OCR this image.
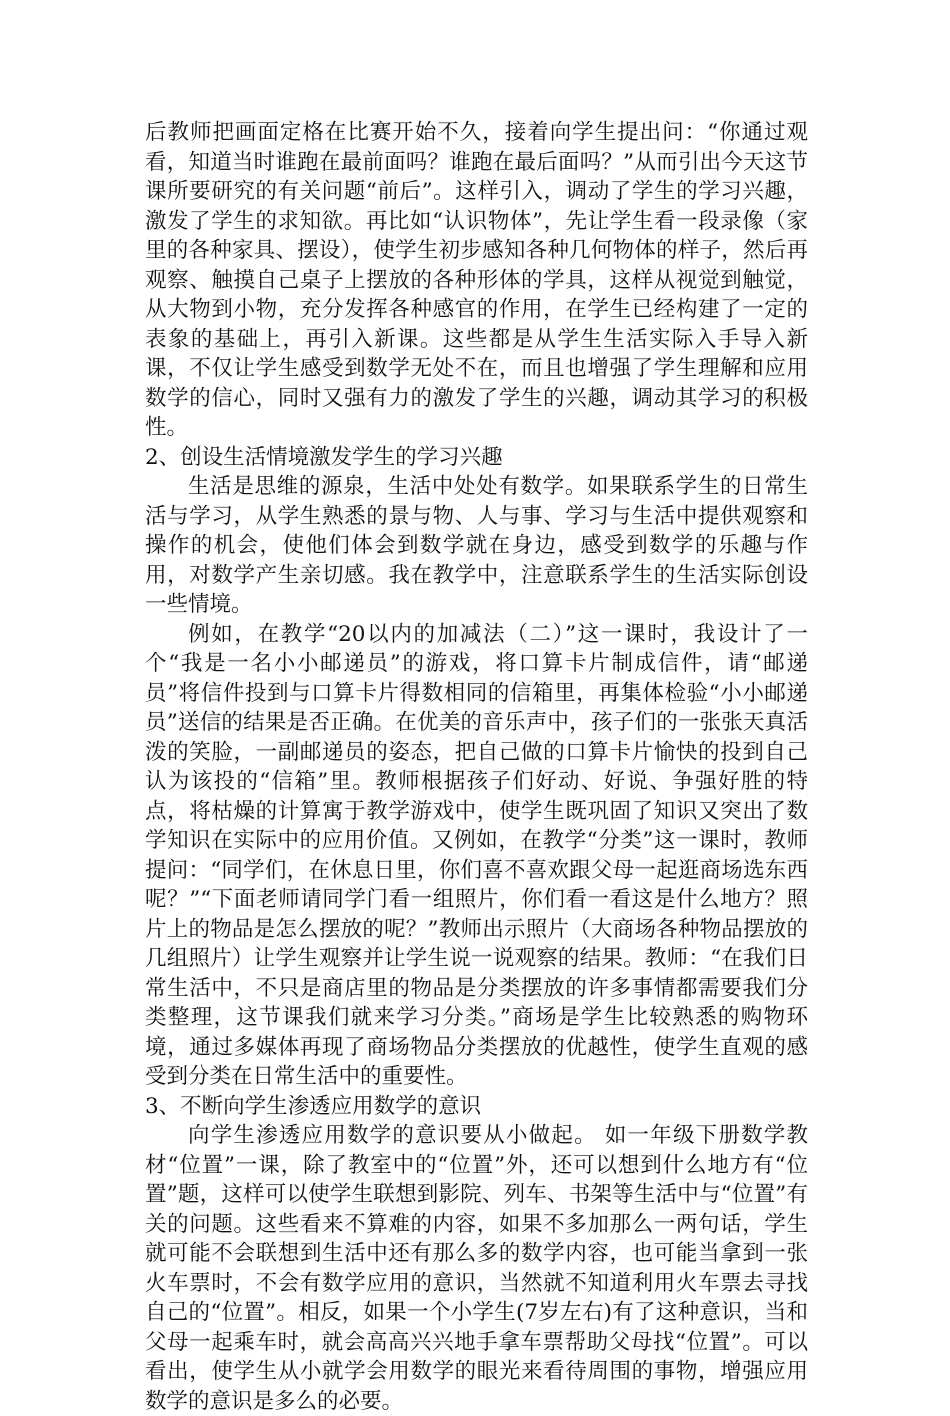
后教师把画面定格在比赛开始不久，接着向学生提出问：“你通过观看，知道当时谁跑在最前面吗？谁跑在最后面吗？”从而引出今天这节课所要研究的有关问题“前后”。这样引入，调动了学生的学习兴趣，激发了学生的求知欲。再比如“认识物体”，先让学生看一段录像（家里的各种家具、摆设），使学生初步感知各种几何物体的样子，然后再观察、触摸自己桌子上摆放的各种形体的学具，这样从视觉到触觉，从大物到小物，充分发挥各种感官的作用，在学生已经构建了一定的表象的基础上，再引入新课。这些都是从学生生活实际入手导入新课，不仅让学生感受到数学无处不在，而且也增强了学生理解和应用数学的信心，同时又强有力的激发了学生的兴趣，调动其学习的积极性。

2、创设生活情境激发学生的学习兴趣

生活是思维的源泉，生活中处处有数学。如果联系学生的日常生活与学习，从学生熟悉的景与物、人与事、学习与生活中提供观察和操作的机会，使他们体会到数学就在身边，感受到数学的乐趣与作用，对数学产生亲切感。我在教学中，注意联系学生的生活实际创设一些情境。

例如，在教学“20以内的加减法（二）”这一课时，我设计了一个“我是一名小小邮递员”的游戏，将口算卡片制成信件，请“邮递员”将信件投到与口算卡片得数相同的信箱里，再集体检验“小小邮递员”送信的结果是否正确。在优美的音乐声中，孩子们的一张张天真活泼的笑脸，一副邮递员的姿态，把自己做的口算卡片愉快的投到自己认为该投的“信箱”里。教师根据孩子们好动、好说、争强好胜的特点，将枯燥的计算寓于教学游戏中，使学生既巩固了知识又突出了数学知识在实际中的应用价值。又例如，在教学“分类”这一课时，教师提问：“同学们，在休息日里，你们喜不喜欢跟父母一起逛商场选东西呢？”“下面老师请同学门看一组照片，你们看一看这是什么地方？照片上的物品是怎么摆放的呢？”教师出示照片（大商场各种物品摆放的几组照片）让学生观察并让学生说一说观察的结果。教师：“在我们日常生活中，不只是商店里的物品是分类摆放的许多事情都需要我们分类整理，这节课我们就来学习分类。”商场是学生比较熟悉的购物环境，通过多媒体再现了商场物品分类摆放的优越性，使学生直观的感受到分类在日常生活中的重要性。

3、不断向学生渗透应用数学的意识

向学生渗透应用数学的意识要从小做起。 如一年级下册数学教材“位置”一课，除了教室中的“位置”外，还可以想到什么地方有“位置”题，这样可以使学生联想到影院、列车、书架等生活中与“位置”有关的问题。这些看来不算难的内容，如果不多加那么一两句话，学生就可能不会联想到生活中还有那么多的数学内容，也可能当拿到一张火车票时，不会有数学应用的意识，当然就不知道利用火车票去寻找自己的“位置”。相反，如果一个小学生(7岁左右)有了这种意识，当和父母一起乘车时，就会高高兴兴地手拿车票帮助父母找“位置”。可以看出，使学生从小就学会用数学的眼光来看待周围的事物，增强应用数学的意识是多么的必要。
